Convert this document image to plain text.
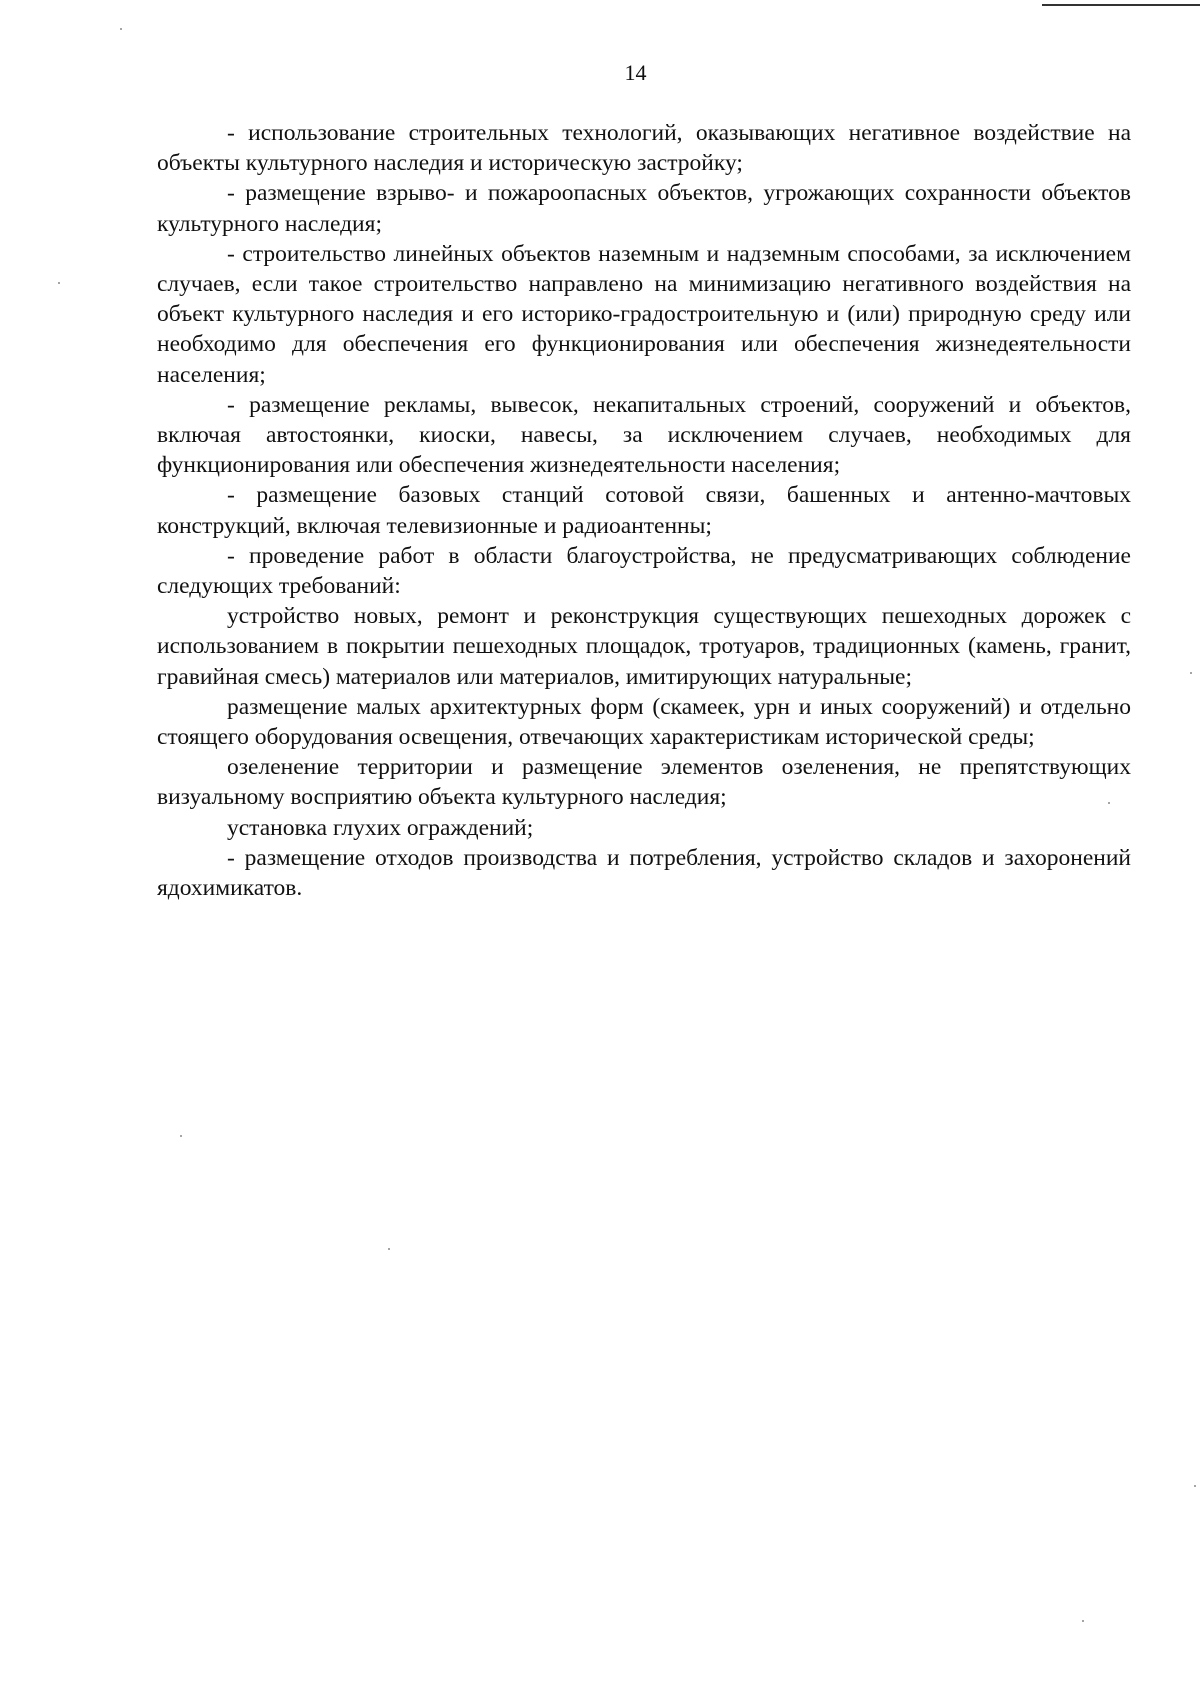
14

- использование строительных технологий, оказывающих негативное воздействие на объекты культурного наследия и историческую застройку;

- размещение взрыво- и пожароопасных объектов, угрожающих сохранности объектов культурного наследия;

- строительство линейных объектов наземным и надземным способами, за исключением случаев, если такое строительство направлено на минимизацию негативного воздействия на объект культурного наследия и его историко-градостроительную и (или) природную среду или необходимо для обеспечения его функционирования или обеспечения жизнедеятельности населения;

- размещение рекламы, вывесок, некапитальных строений, сооружений и объектов, включая автостоянки, киоски, навесы, за исключением случаев, необходимых для функционирования или обеспечения жизнедеятельности населения;

- размещение базовых станций сотовой связи, башенных и антенно-мачтовых конструкций, включая телевизионные и радиоантенны;

- проведение работ в области благоустройства, не предусматривающих соблюдение следующих требований:

устройство новых, ремонт и реконструкция существующих пешеходных дорожек с использованием в покрытии пешеходных площадок, тротуаров, традиционных (камень, гранит, гравийная смесь) материалов или материалов, имитирующих натуральные;

размещение малых архитектурных форм (скамеек, урн и иных сооружений) и отдельно стоящего оборудования освещения, отвечающих характеристикам исторической среды;

озеленение территории и размещение элементов озеленения, не препятствующих визуальному восприятию объекта культурного наследия;

установка глухих ограждений;

- размещение отходов производства и потребления, устройство складов и захоронений ядохимикатов.
